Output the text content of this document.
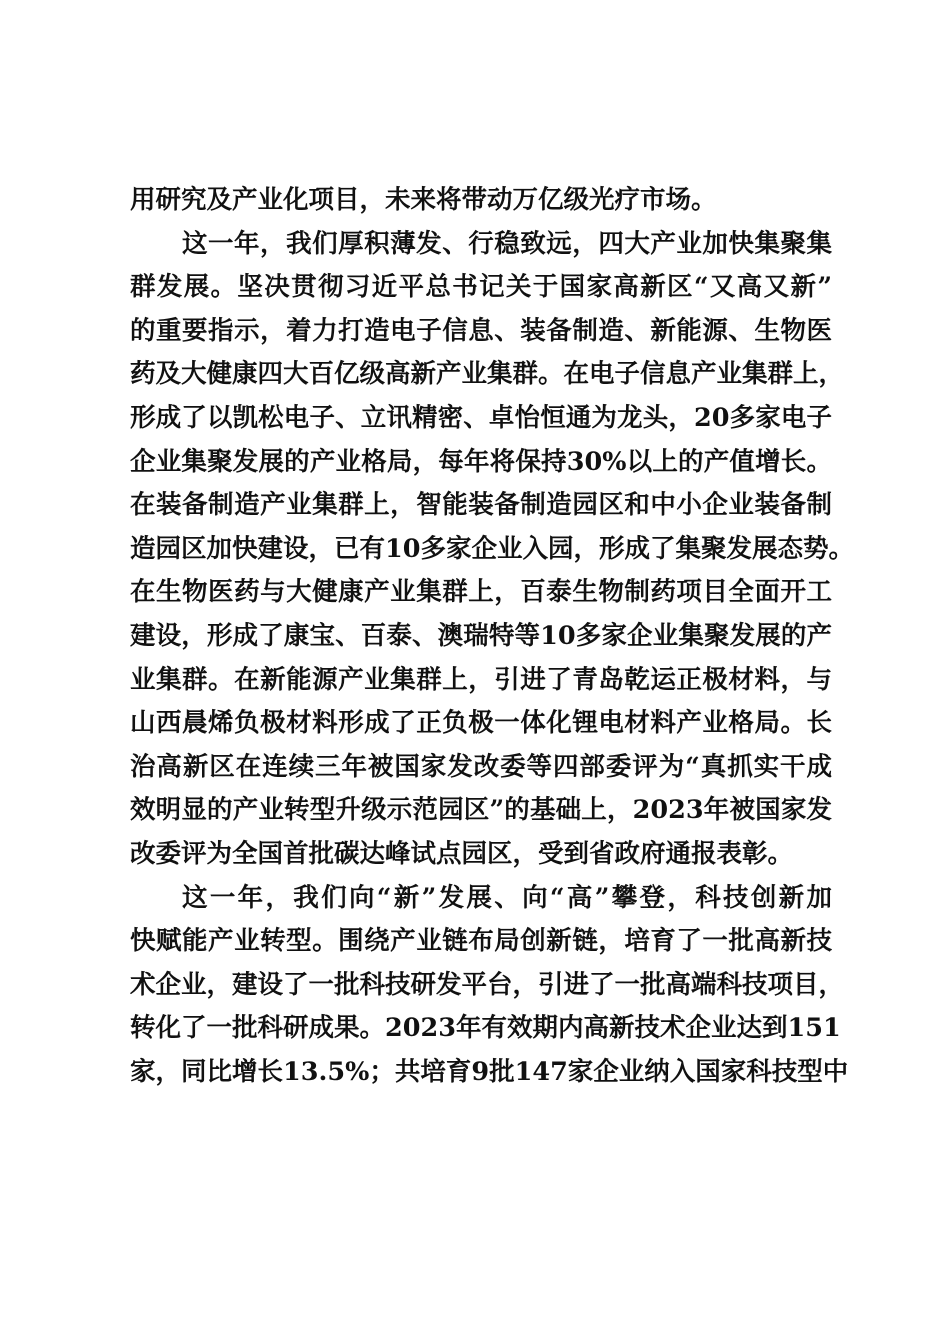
用研究及产业化项目，未来将带动万亿级光疗市场。

这一年，我们厚积薄发、行稳致远，四大产业加快集聚集

群发展。坚决贯彻习近平总书记关于国家高新区“又高又新”

的重要指示，着力打造电子信息、装备制造、新能源、生物医

药及大健康四大百亿级高新产业集群。在电子信息产业集群上，

形成了以凯松电子、立讯精密、卓怡恒通为龙头，20多家电子

企业集聚发展的产业格局，每年将保持30%以上的产值增长。

在装备制造产业集群上，智能装备制造园区和中小企业装备制

造园区加快建设，已有10多家企业入园，形成了集聚发展态势。

在生物医药与大健康产业集群上，百泰生物制药项目全面开工

建设，形成了康宝、百泰、澳瑞特等10多家企业集聚发展的产

业集群。在新能源产业集群上，引进了青岛乾运正极材料，与

山西晨烯负极材料形成了正负极一体化锂电材料产业格局。长

治高新区在连续三年被国家发改委等四部委评为“真抓实干成

效明显的产业转型升级示范园区”的基础上，2023年被国家发

改委评为全国首批碳达峰试点园区，受到省政府通报表彰。

这一年，我们向“新”发展、向“高”攀登，科技创新加

快赋能产业转型。围绕产业链布局创新链，培育了一批高新技

术企业，建设了一批科技研发平台，引进了一批高端科技项目，

转化了一批科研成果。2023年有效期内高新技术企业达到151

家，同比增长13.5%；共培育9批147家企业纳入国家科技型中
